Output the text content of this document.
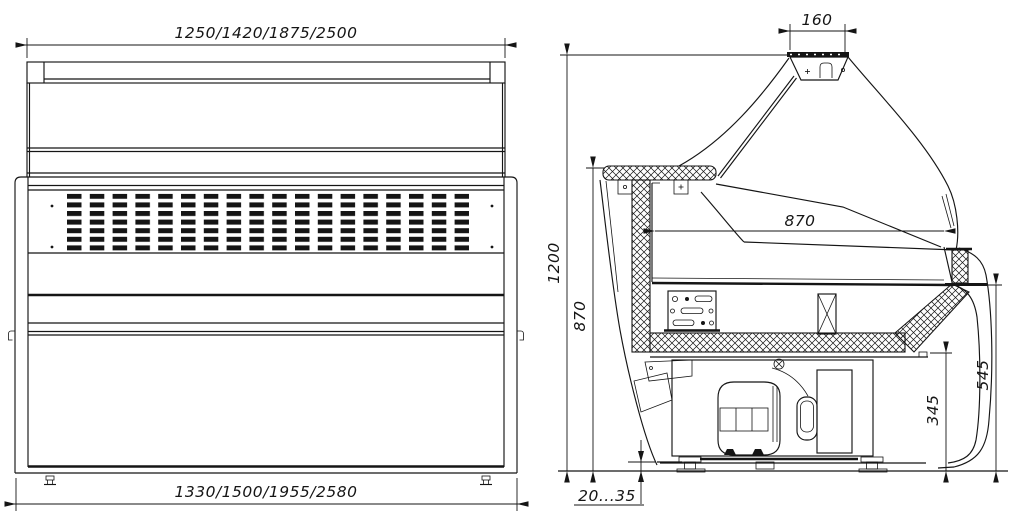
1250/1420/1875/2500
1330/1500/1955/2580
1200
870
160
870
545
345
20...35
